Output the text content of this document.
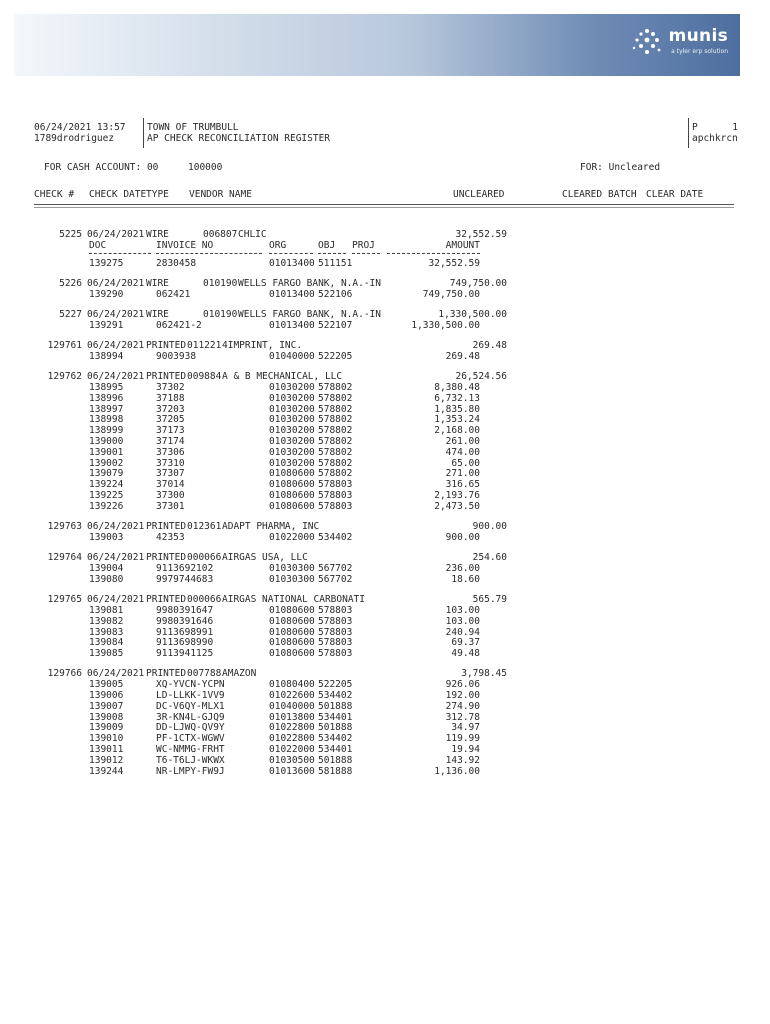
munis
a tyler erp solution
06/24/2021 13:57
1789drodriguez
TOWN OF TRUMBULL
AP CHECK RECONCILIATION REGISTER
P	1
apchkrcn
FOR CASH ACCOUNT: 00	100000	FOR: Uncleared
CHECK # CHECK DATE TYPE VENDOR NAME	UNCLEARED	CLEARED BATCH CLEAR DATE
5225 06/24/2021 WIRE	006807 CHLIC	32,552.59
DOC	INVOICE NO	ORG	OBJ PROJ	AMOUNT
139275	2830458	01013400 511151	32,552.59
5226 06/24/2021 WIRE	010190 WELLS FARGO BANK, N.A.-IN	749,750.00
139290	062421	01013400 522106	749,750.00
5227 06/24/2021 WIRE	010190 WELLS FARGO BANK, N.A.-IN	1,330,500.00
139291	062421-2	01013400 522107	1,330,500.00
129761 06/24/2021 PRINTED 011221 4IMPRINT, INC.	269.48
138994	9003938	01040000 522205	269.48
129762 06/24/2021 PRINTED 009884 A & B MECHANICAL, LLC	26,524.56
138995	37302	01030200 578802	8,380.48
138996	37188	01030200 578802	6,732.13
138997	37203	01030200 578802	1,835.80
138998	37205	01030200 578802	1,353.24
138999	37173	01030200 578802	2,168.00
139000	37174	01030200 578802	261.00
139001	37306	01030200 578802	474.00
139002	37310	01030200 578802	65.00
139079	37307	01080600 578802	271.00
139224	37014	01080600 578803	316.65
139225	37300	01080600 578803	2,193.76
139226	37301	01080600 578803	2,473.50
129763 06/24/2021 PRINTED 012361 ADAPT PHARMA, INC	900.00
139003	42353	01022000 534402	900.00
129764 06/24/2021 PRINTED 000066 AIRGAS USA, LLC	254.60
139004	9113692102	01030300 567702	236.00
139080	9979744683	01030300 567702	18.60
129765 06/24/2021 PRINTED 000066 AIRGAS NATIONAL CARBONATI	565.79
139081	9980391647	01080600 578803	103.00
139082	9980391646	01080600 578803	103.00
139083	9113698991	01080600 578803	240.94
139084	9113698990	01080600 578803	69.37
139085	9113941125	01080600 578803	49.48
129766 06/24/2021 PRINTED 007788 AMAZON	3,798.45
139005	XQ-YVCN-YCPN	01080400 522205	926.06
139006	LD-LLKK-1VV9	01022600 534402	192.00
139007	DC-V6QY-MLX1	01040000 501888	274.90
139008	3R-KN4L-GJQ9	01013800 534401	312.78
139009	DD-LJWQ-QV9Y	01022800 501888	34.97
139010	PF-1CTX-WGWV	01022800 534402	119.99
139011	WC-NMMG-FRHT	01022000 534401	19.94
139012	T6-T6LJ-WKWX	01030500 501888	143.92
139244	NR-LMPY-FW9J	01013600 581888	1,136.00
